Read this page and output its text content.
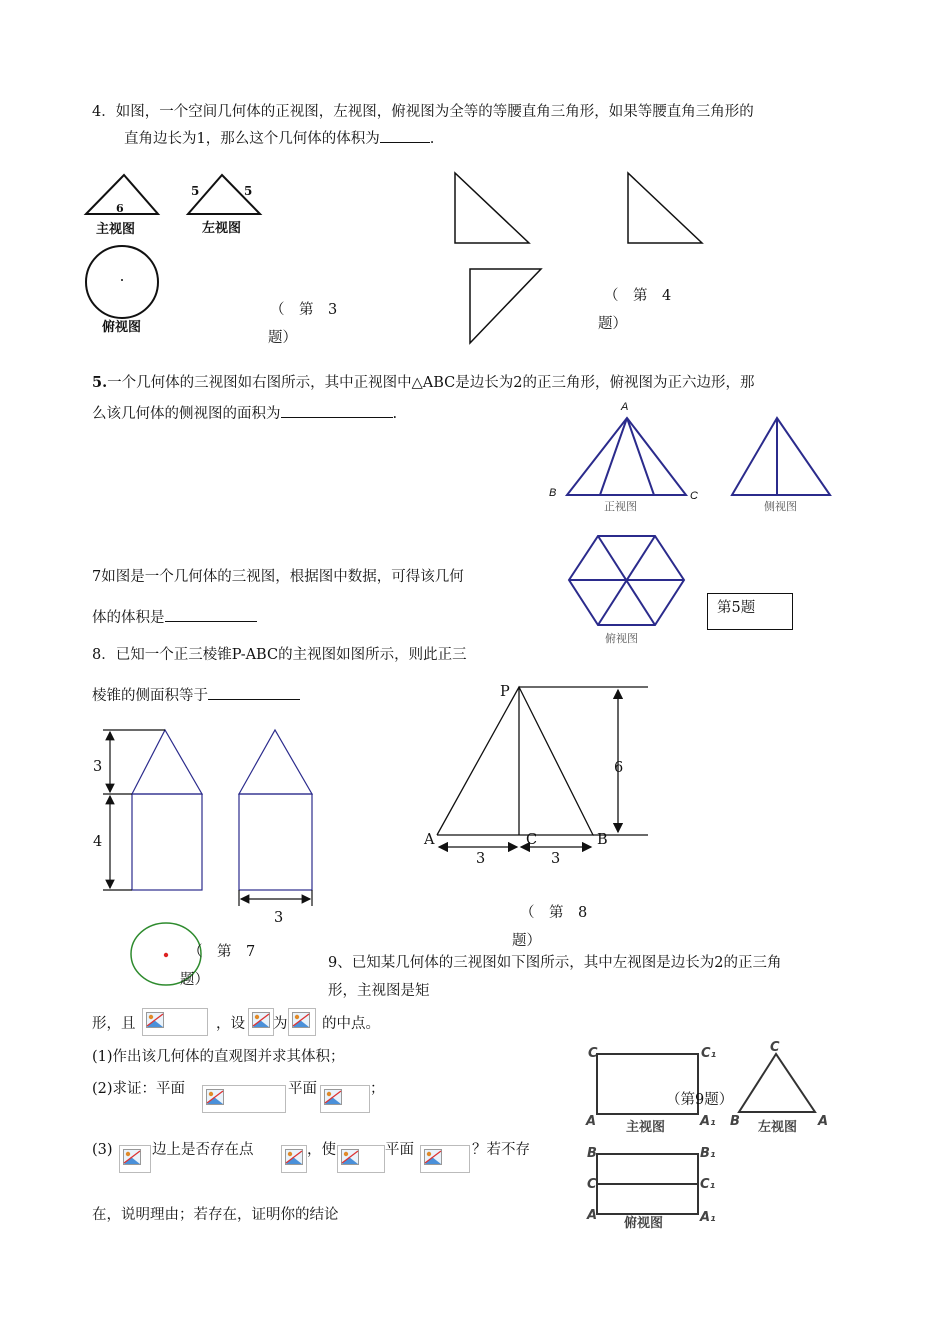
4．如图，一个空间几何体的正视图，左视图，俯视图为全等的等腰直角三角形，如果等腰直角三角形的
直角边长为1，那么这个几何体的体积为	.
6
5	5
主视图	左视图
俯视图
（　第　3
题）
（　第　4
题）
5.一个几何体的三视图如右图所示，其中正视图中△ABC是边长为2的正三角形，俯视图为正六边形，那
么该几何体的侧视图的面积为	.	A
B	C
正视图	侧视图
俯视图
第5题
7如图是一个几何体的三视图，根据图中数据，可得该几何
体的体积是
8．已知一个正三棱锥P-ABC的主视图如图所示，则此正三
棱锥的侧面积等于
3
4
3
（　第　7
题）
P
A	C	B
6
3	3
（　第　8
题）
9、已知某几何体的三视图如下图所示，其中左视图是边长为2的正三角
形，主视图是矩
形，且	，设 为 的中点。
(1)作出该几何体的直观图并求其体积；
(2)求证：平面	平面	；
(3)	边上是否存在点	，使	平面	？若不存
在，说明理由；若存在，证明你的结论
C	C₁
A	A₁
主视图
（第9题）
C
B	A
左视图
B	B₁
C	C₁
A	A₁
俯视图
